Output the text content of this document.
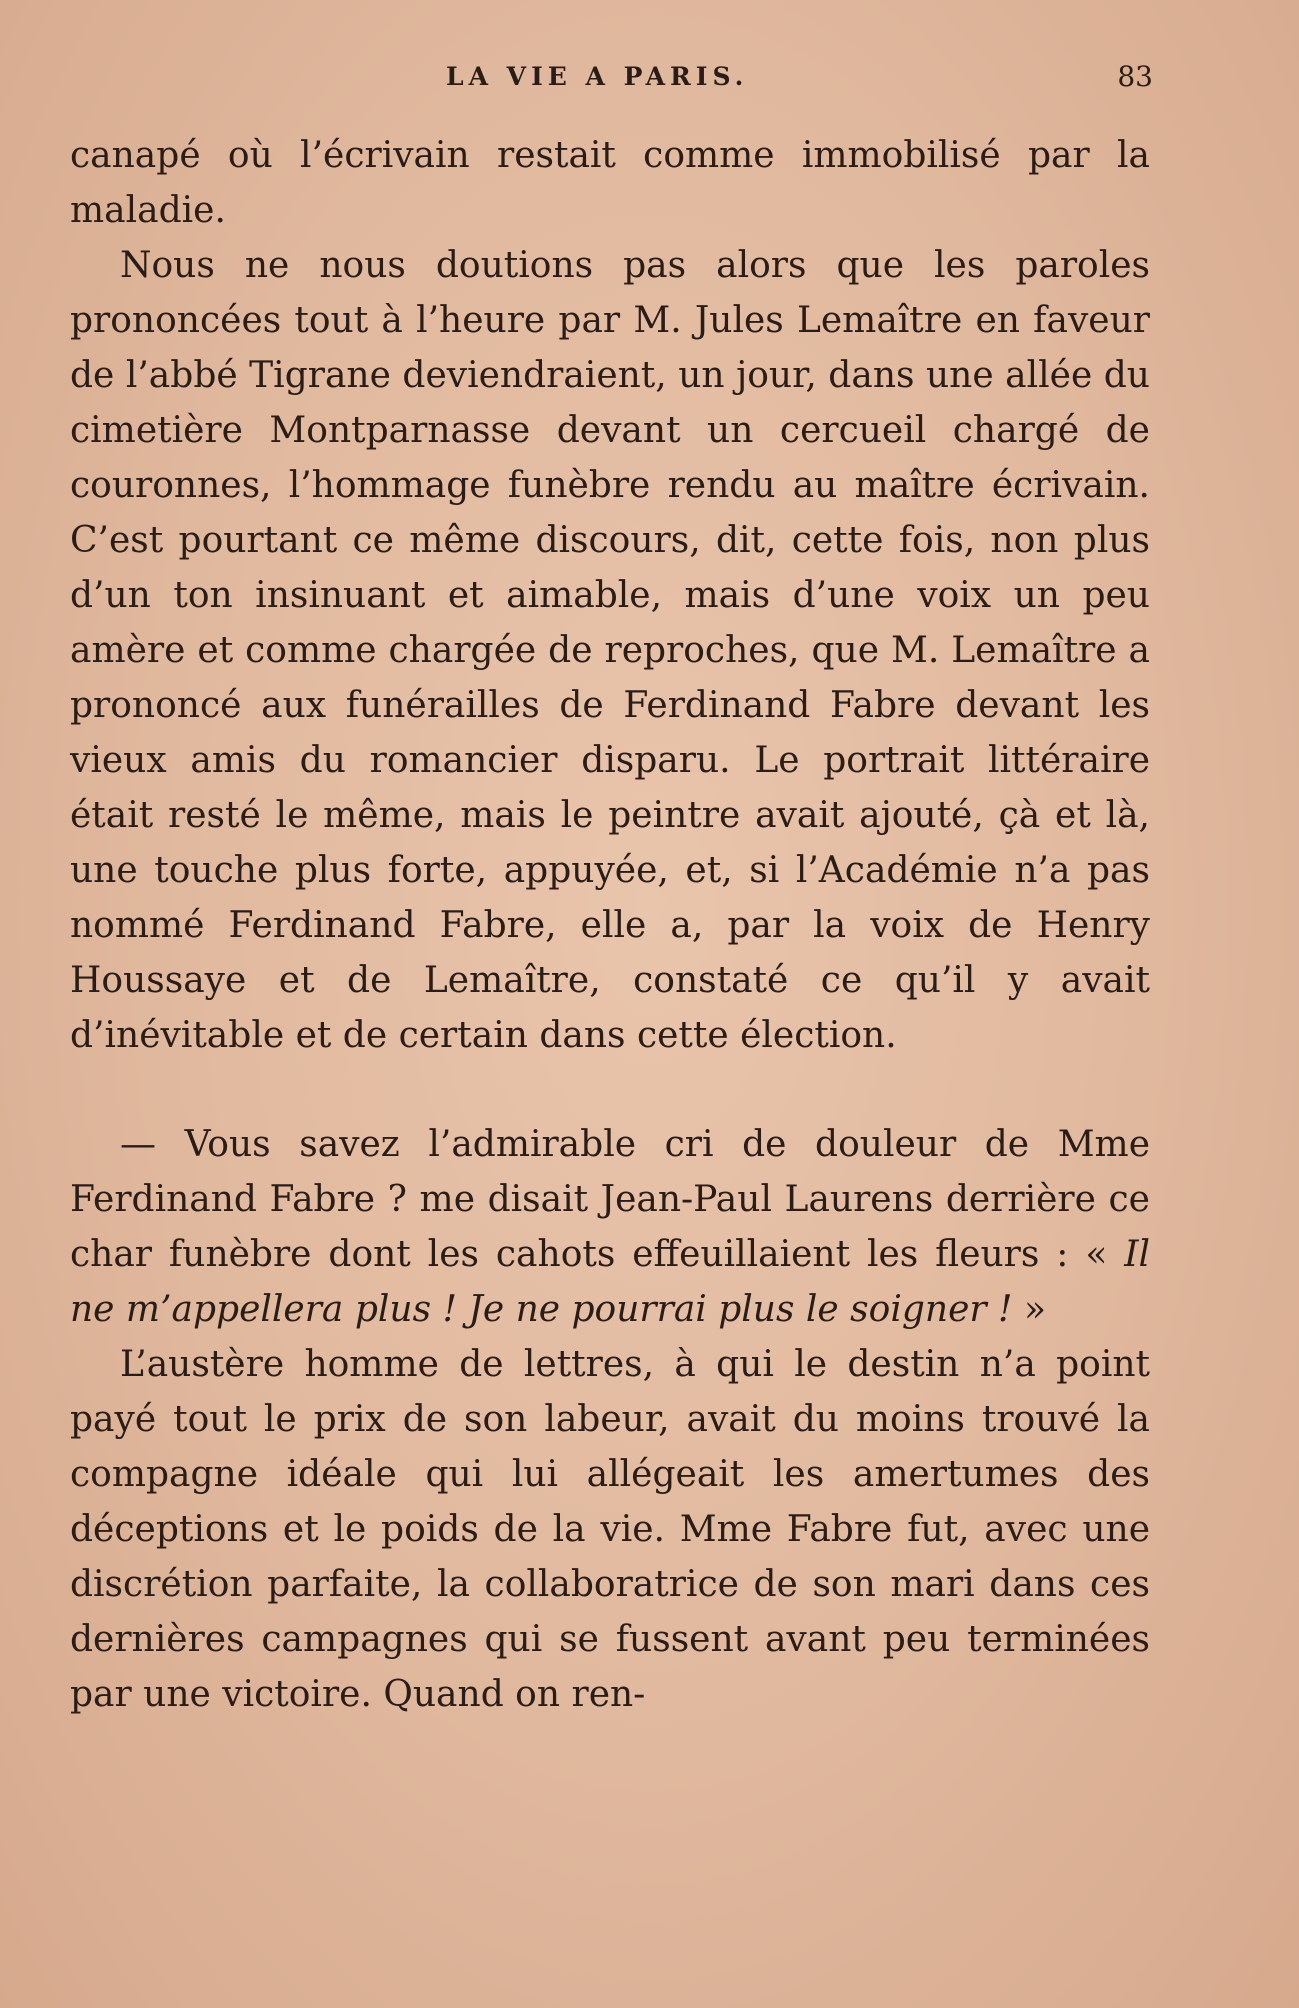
LA VIE A PARIS.	83

canapé où l’écrivain restait comme immobilisé par la maladie.

Nous ne nous doutions pas alors que les paroles prononcées tout à l’heure par M. Jules Lemaître en faveur de l’abbé Tigrane deviendraient, un jour, dans une allée du cimetière Montparnasse devant un cercueil chargé de couronnes, l’hommage funèbre rendu au maître écrivain. C’est pourtant ce même discours, dit, cette fois, non plus d’un ton insinuant et aimable, mais d’une voix un peu amère et comme chargée de reproches, que M. Lemaître a prononcé aux funérailles de Ferdinand Fabre devant les vieux amis du romancier disparu. Le portrait littéraire était resté le même, mais le peintre avait ajouté, çà et là, une touche plus forte, appuyée, et, si l’Académie n’a pas nommé Ferdinand Fabre, elle a, par la voix de Henry Houssaye et de Lemaître, constaté ce qu’il y avait d’inévitable et de certain dans cette élection.

— Vous savez l’admirable cri de douleur de Mme Ferdinand Fabre ? me disait Jean-Paul Laurens derrière ce char funèbre dont les cahots effeuillaient les fleurs : « Il ne m’appellera plus ! Je ne pourrai plus le soigner ! »

L’austère homme de lettres, à qui le destin n’a point payé tout le prix de son labeur, avait du moins trouvé la compagne idéale qui lui allégeait les amertumes des déceptions et le poids de la vie. Mme Fabre fut, avec une discrétion parfaite, la collaboratrice de son mari dans ces dernières campagnes qui se fussent avant peu terminées par une victoire. Quand on ren-
